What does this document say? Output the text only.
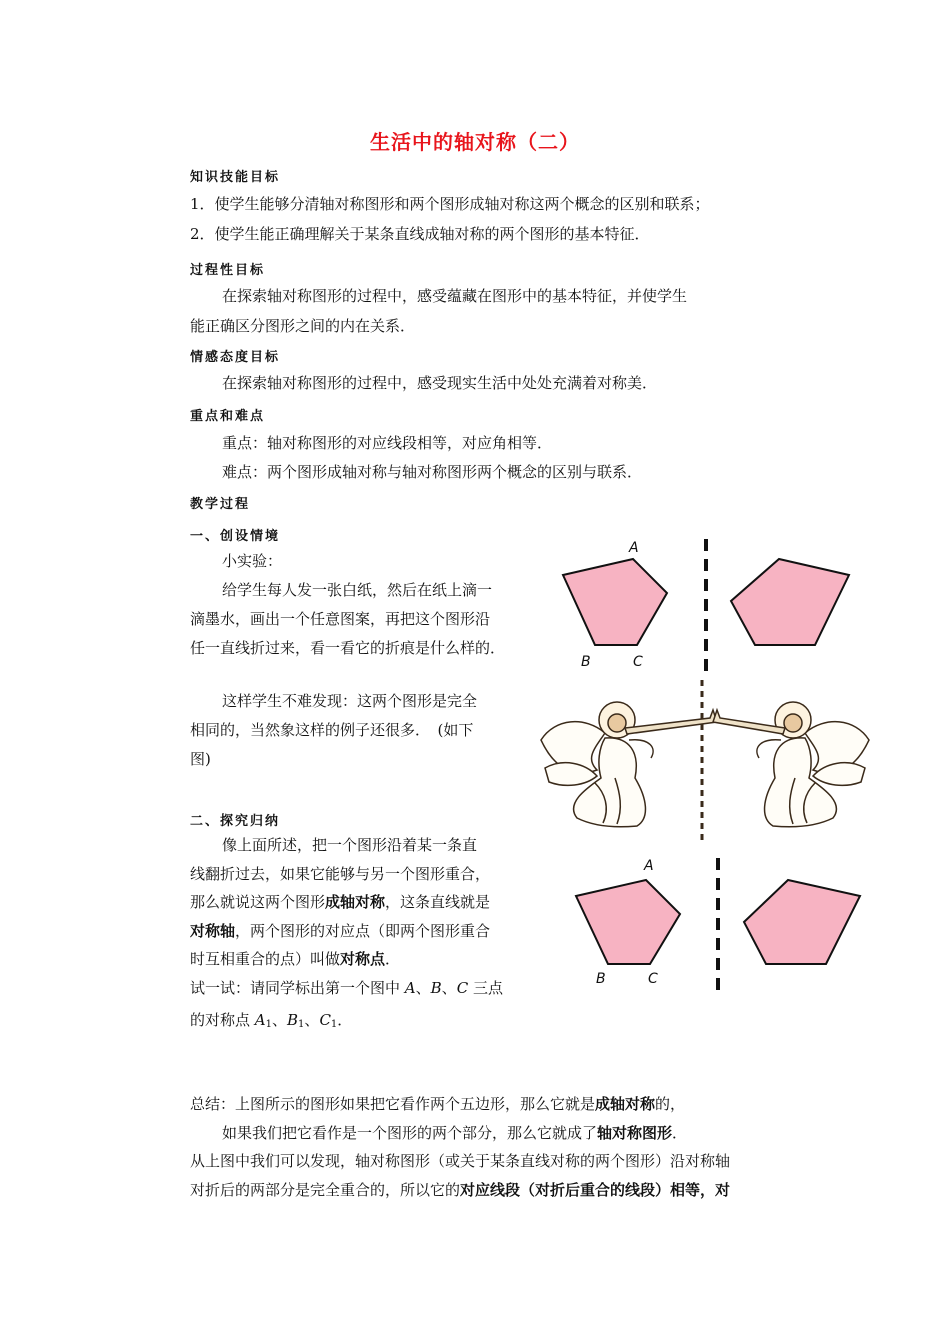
生活中的轴对称（二）
知识技能目标
1．使学生能够分清轴对称图形和两个图形成轴对称这两个概念的区别和联系；
2．使学生能正确理解关于某条直线成轴对称的两个图形的基本特征．
过程性目标
在探索轴对称图形的过程中，感受蕴藏在图形中的基本特征，并使学生
能正确区分图形之间的内在关系．
情感态度目标
在探索轴对称图形的过程中，感受现实生活中处处充满着对称美．
重点和难点
重点：轴对称图形的对应线段相等，对应角相等．
难点：两个图形成轴对称与轴对称图形两个概念的区别与联系．
教学过程
一、创设情境
小实验：
给学生每人发一张白纸，然后在纸上滴一
滴墨水，画出一个任意图案，再把这个图形沿
任一直线折过来，看一看它的折痕是什么样的．
这样学生不难发现：这两个图形是完全
相同的，当然象这样的例子还很多．　(如下
图)
二、探究归纳
像上面所述，把一个图形沿着某一条直
线翻折过去，如果它能够与另一个图形重合，
那么就说这两个图形成轴对称，这条直线就是
对称轴，两个图形的对应点（即两个图形重合
时互相重合的点）叫做对称点．
试一试：请同学标出第一个图中 A、B、C 三点
的对称点 $A_1$、$B_1$、$C_1$．
总结：上图所示的图形如果把它看作两个五边形，那么它就是成轴对称的，
如果我们把它看作是一个图形的两个部分，那么它就成了轴对称图形．
从上图中我们可以发现，轴对称图形（或关于某条直线对称的两个图形）沿对称轴
对折后的两部分是完全重合的，所以它的对应线段（对折后重合的线段）相等，对
A
B	C
A
B	C
